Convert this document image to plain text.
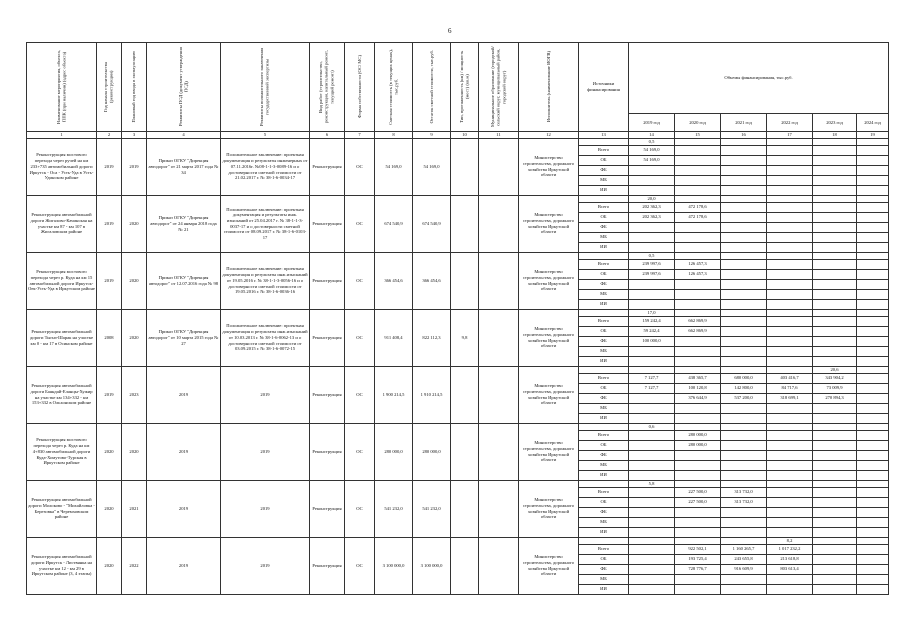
6
Наименование мероприятия, объекта, ППК (при наличии) (адрес объекта)	Год начала строительства (реконструкции)	Плановый год ввода в эксплуатацию	Реквизиты ПСД (документ утверждения ПСД)	Реквизиты положительного заключения государственной экспертизы	Вид работ (строительство, реконструкция, капитальный ремонт, текущий ремонт)	Форма собственности (ОС/ МС)	Сметная стоимость (в текущих ценах), тыс.руб.	Остаток сметной стоимости, тыс.руб.	Тип, протяженность (км) / мощность (мест) (кв.м)	Муниципальное образование (городской/сельский округ, муниципальный район, городской округ)	Исполнитель (наименование ИОГВ)	Источники финансирования	Объемы финансирования, тыс.руб.					
													2019 год	2020 год	2021 год	2022 год	2023 год	2024 год
1	2	3	4	5	6	7	8	9	10	11	12	13	14	15	16	17	18	19
Реконструкция мостового перехода через ручей на км 233+735 автомобильной дороги Иркутск - Оса - Усть-Уда в Усть-Удинском районе	2019	2019	Приказ ОГКУ "Дирекция автодорог" от 21 марта 2017 года № 34	Положительное заключение: проектная документация и результаты инженерных от 07.11.2016г. №08-1-1-3-0089-16 и о достоверности сметной стоимости от 21.02.2017 г. № 38-1-6-0034-17	Реконструкция	ОС	54 169,0	54 169,0			Министерство строительства, дорожного хозяйства Иркутской области		0,5					
												Всего	54 169,0					
												ОБ	54 169,0					
												ФБ						
												МБ						
												ИИ						
Реконструкция автомобильной дороги Жигалово-Качинская на участке км 87 - км 107 в Жигаловском районе	2019	2020	Приказ ОГКУ "Дирекция автодорог" от 24 января 2018 года № 21	Положительное заключение: проектная документация и результаты инж. изысканий от 25.04.2017 г. № 38-1-1-3-0037-17 и о достоверности сметной стоимости от 08.09.2017 г. № 38-1-6-0103-17	Реконструкция	ОС	674 540,9	674 540,9			Министерство строительства, дорожного хозяйства Иркутской области		20,0					
												Всего	202 362,3	472 178,6				
												ОБ	202 362,3	472 178,6				
												ФБ						
												МБ						
												ИИ						
Реконструкция мостового перехода через р. Куда на км 15 автомобильной дороги Иркутск-Оек-Усть-Уда в Иркутском районе	2019	2020	Приказ ОГКУ "Дирекция автодорог" от 12.07.2016 года № 98	Положительное заключение: проектная документация и результаты инж.изысканий от 19.05.2016 г. № 38-1-1-3-0056-16 и о достоверности сметной стоимости от 19.05.2016 г. № 38-1-6-0036-16	Реконструкция	ОС	366 454,6	366 454,6			Министерство строительства, дорожного хозяйства Иркутской области		0,5					
												Всего	239 997,6	126 457,3				
												ОБ	239 997,6	126 457,3				
												ФБ						
												МБ						
												ИИ						
Реконструкция автомобильной дороги Тыгнэ-Шарак на участке км 0 - км 17 в Осинском районе	2008	2020	Приказ ОГКУ "Дирекция автодорог" от 10 марта 2015 года № 27	Положительное заключение: проектная документация и результаты инж.изысканий от 10.03.2013 г. № 38-1-6-0062-13 и о достоверности сметной стоимости от 03.09.2015 г. № 38-1-6-0072-15	Реконструкция	ОС	911 408,4	822 112,3	9,8		Министерство строительства, дорожного хозяйства Иркутской области		17,0					
												Всего	159 242,4	662 869,9				
												ОБ	59 242,4	662 869,9				
												ФБ	100 000,0					
												МБ						
												ИИ						
Реконструкция автомобильной дороги Баяндай-Еланцы-Хужир на участке км 134+332 - км 153+332 в Ольхонском районе	2019	2023	2019	2019	Реконструкция	ОС	1 900 214,5	1 910 214,5			Министерство строительства, дорожного хозяйства Иркутской области						20,6	
												Всего	7 127,7	438 365,7	680 000,0	403 416,7	343 904,2	
												ОБ	7 127,7	100 120,8	142 800,0	84 717,6	73 009,9	
												ФБ		376 644,9	537 200,0	318 699,1	270 894,3	
												МБ						
												ИИ						
Реконструкция мостового перехода через р. Куда на км 4+830 автомобильной дороги Куда-Хомутово-Турская в Иркутском районе	2020	2020	2019	2019	Реконструкция	ОС	280 000,0	280 000,0			Министерство строительства, дорожного хозяйства Иркутской области		0,6					
												Всего		280 000,0				
												ОБ		280 000,0				
												ФБ						
												МБ						
												ИИ						
Реконструкция автомобильной дороги Молоково - "Михайловка - Березовка" в Черемховском районе	2020	2021	2019	2019	Реконструкция	ОС	541 232,0	541 232,0			Министерство строительства, дорожного хозяйства Иркутской области		5,8					
												Всего		227 500,0	313 732,0			
												ОБ		227 500,0	313 732,0			
												ФБ						
												МБ						
												ИИ						
Реконструкция автомобильной дороги Иркутск - Листвянка на участке км 12 - км 29 в Иркутском районе (3, 4 этапы)	2020	2022	2019	2019	Реконструкция	ОС	3 100 000,0	3 100 000,0			Министерство строительства, дорожного хозяйства Иркутской области					8,2		
												Всего		922 502,1	1 160 265,7	1 017 232,2		
												ОБ		193 725,4	243 655,8	213 618,8		
												ФБ		728 776,7	916 609,9	803 613,4		
												МБ						
												ИИ						
